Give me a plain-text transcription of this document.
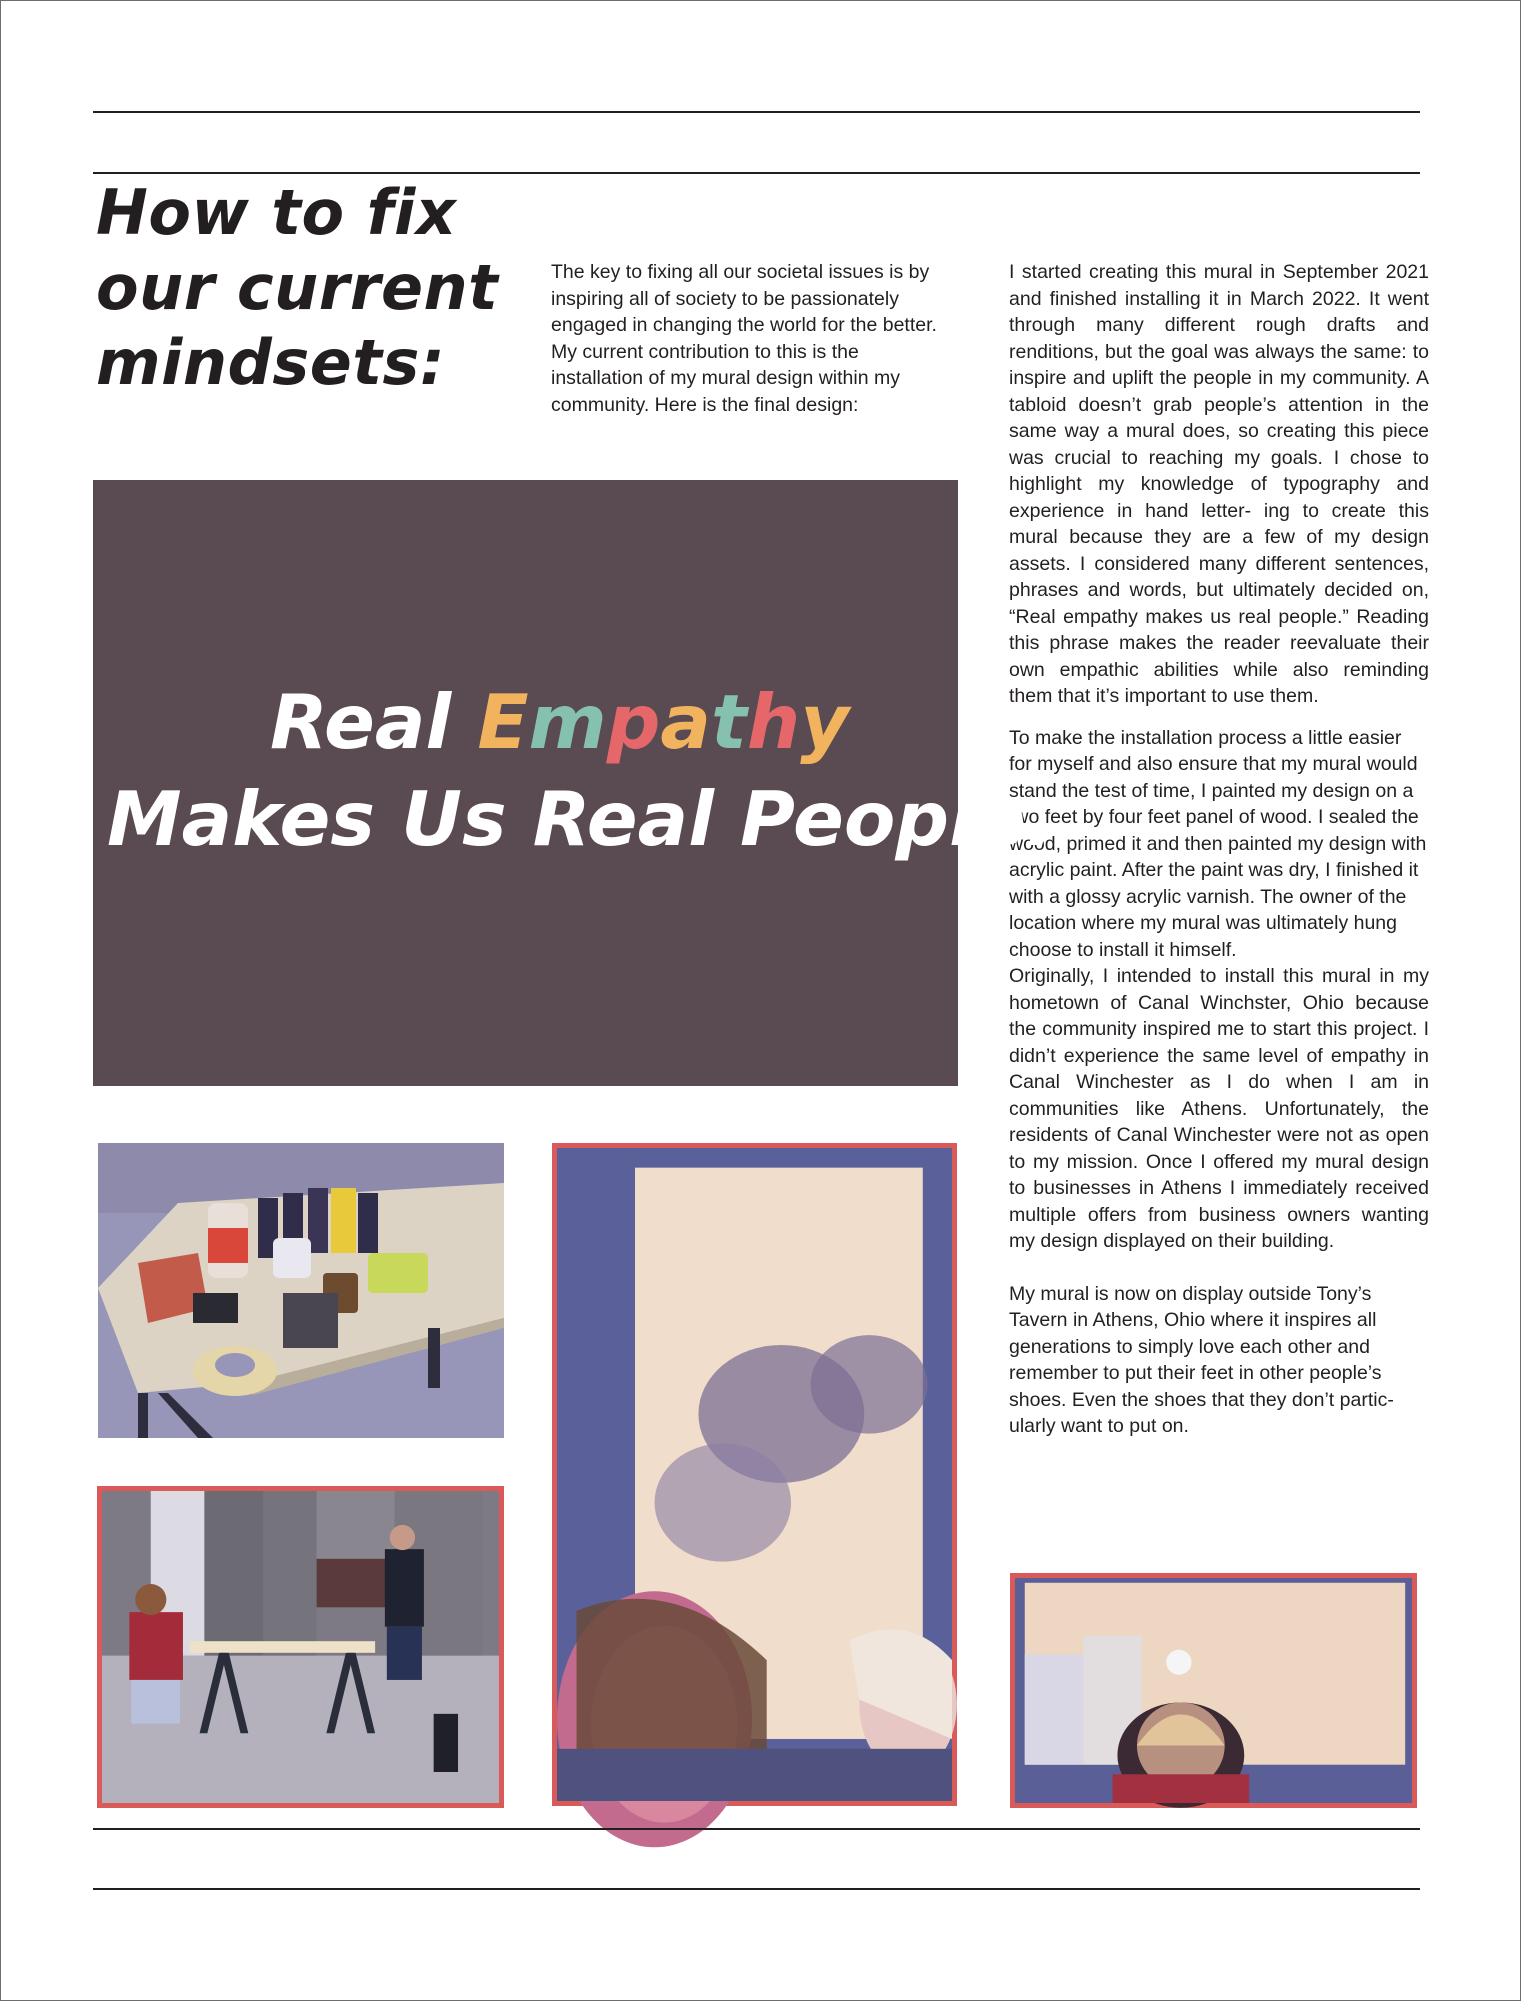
How to fix
our current
mindsets:

The key to fixing all our societal issues is by inspiring all of society to be passionately engaged in changing the world for the better. My current contribution to this is the installation of my mural design within my community. Here is the final design:

I started creating this mural in September 2021 and finished installing it in March 2022. It went through many different rough drafts and renditions, but the goal was always the same: to inspire and uplift the people in my community. A tabloid doesn’t grab people’s attention in the same way a mural does, so creating this piece was crucial to reaching my goals. I chose to highlight my knowledge of typography and experience in hand letter- ing to create this mural because they are a few of my design assets. I considered many different sentences, phrases and words, but ultimately decided on, “Real empathy makes us real people.” Reading this phrase makes the reader reevaluate their own empathic abilities while also reminding them that it’s important to use them.

To make the installation process a little easier for myself and also ensure that my mural would stand the test of time, I painted my design on a two feet by four feet panel of wood. I sealed the wood, primed it and then painted my design with acrylic paint. After the paint was dry, I finished it with a glossy acrylic varnish. The owner of the location where my mural was ultimately hung choose to install it himself.

Originally, I intended to install this mural in my hometown of Canal Winchster, Ohio because the community inspired me to start this project. I didn’t experience the same level of empathy in Canal Winchester as I do when I am in communities like Athens. Unfortunately, the residents of Canal Winchester were not as open to my mission. Once I offered my mural design to businesses in Athens I immediately received multiple offers from business owners wanting my design displayed on their building.

My mural is now on display outside Tony’s Tavern in Athens, Ohio where it inspires all generations to simply love each other and remember to put their feet in other people’s shoes. Even the shoes that they don’t partic- ularly want to put on.

Real Empathy
Makes Us Real People.
